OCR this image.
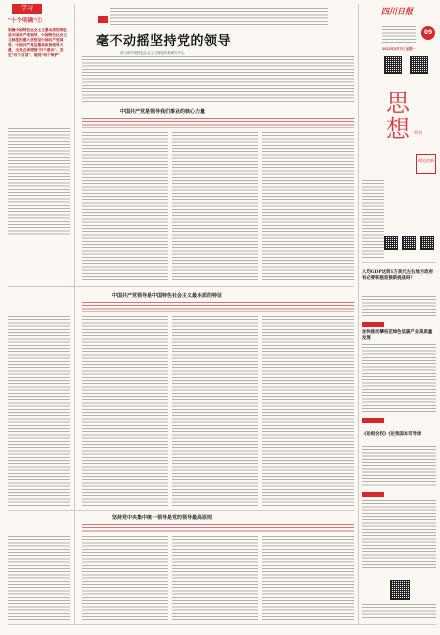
学习
"十个明确"①
明确中国特色社会主义最本质的特征是中国共产党领导，中国特色社会主义制度的最大优势是中国共产党领导，中国共产党是最高政治领导力量，全党必须增强"四个意识"、坚定"四个自信"、做到"两个维护"
毫不动摇坚持党的领导
四川省中国特色社会主义理论体系研究中心
中国共产党是领导我们事业的核心力量
中国共产党领导是中国特色社会主义最本质的特征
坚持党中央集中统一领导是党的领导最高原则
四川日报
09
2022年3月7日 星期一
思想	周刊
理论创新
人均GDP达到1万美元左右地方政府有必要积极迎接新挑战吗？
加快推动攀枝花绿色低碳产业高质量发展
《论相会权》《论我国本司导读
